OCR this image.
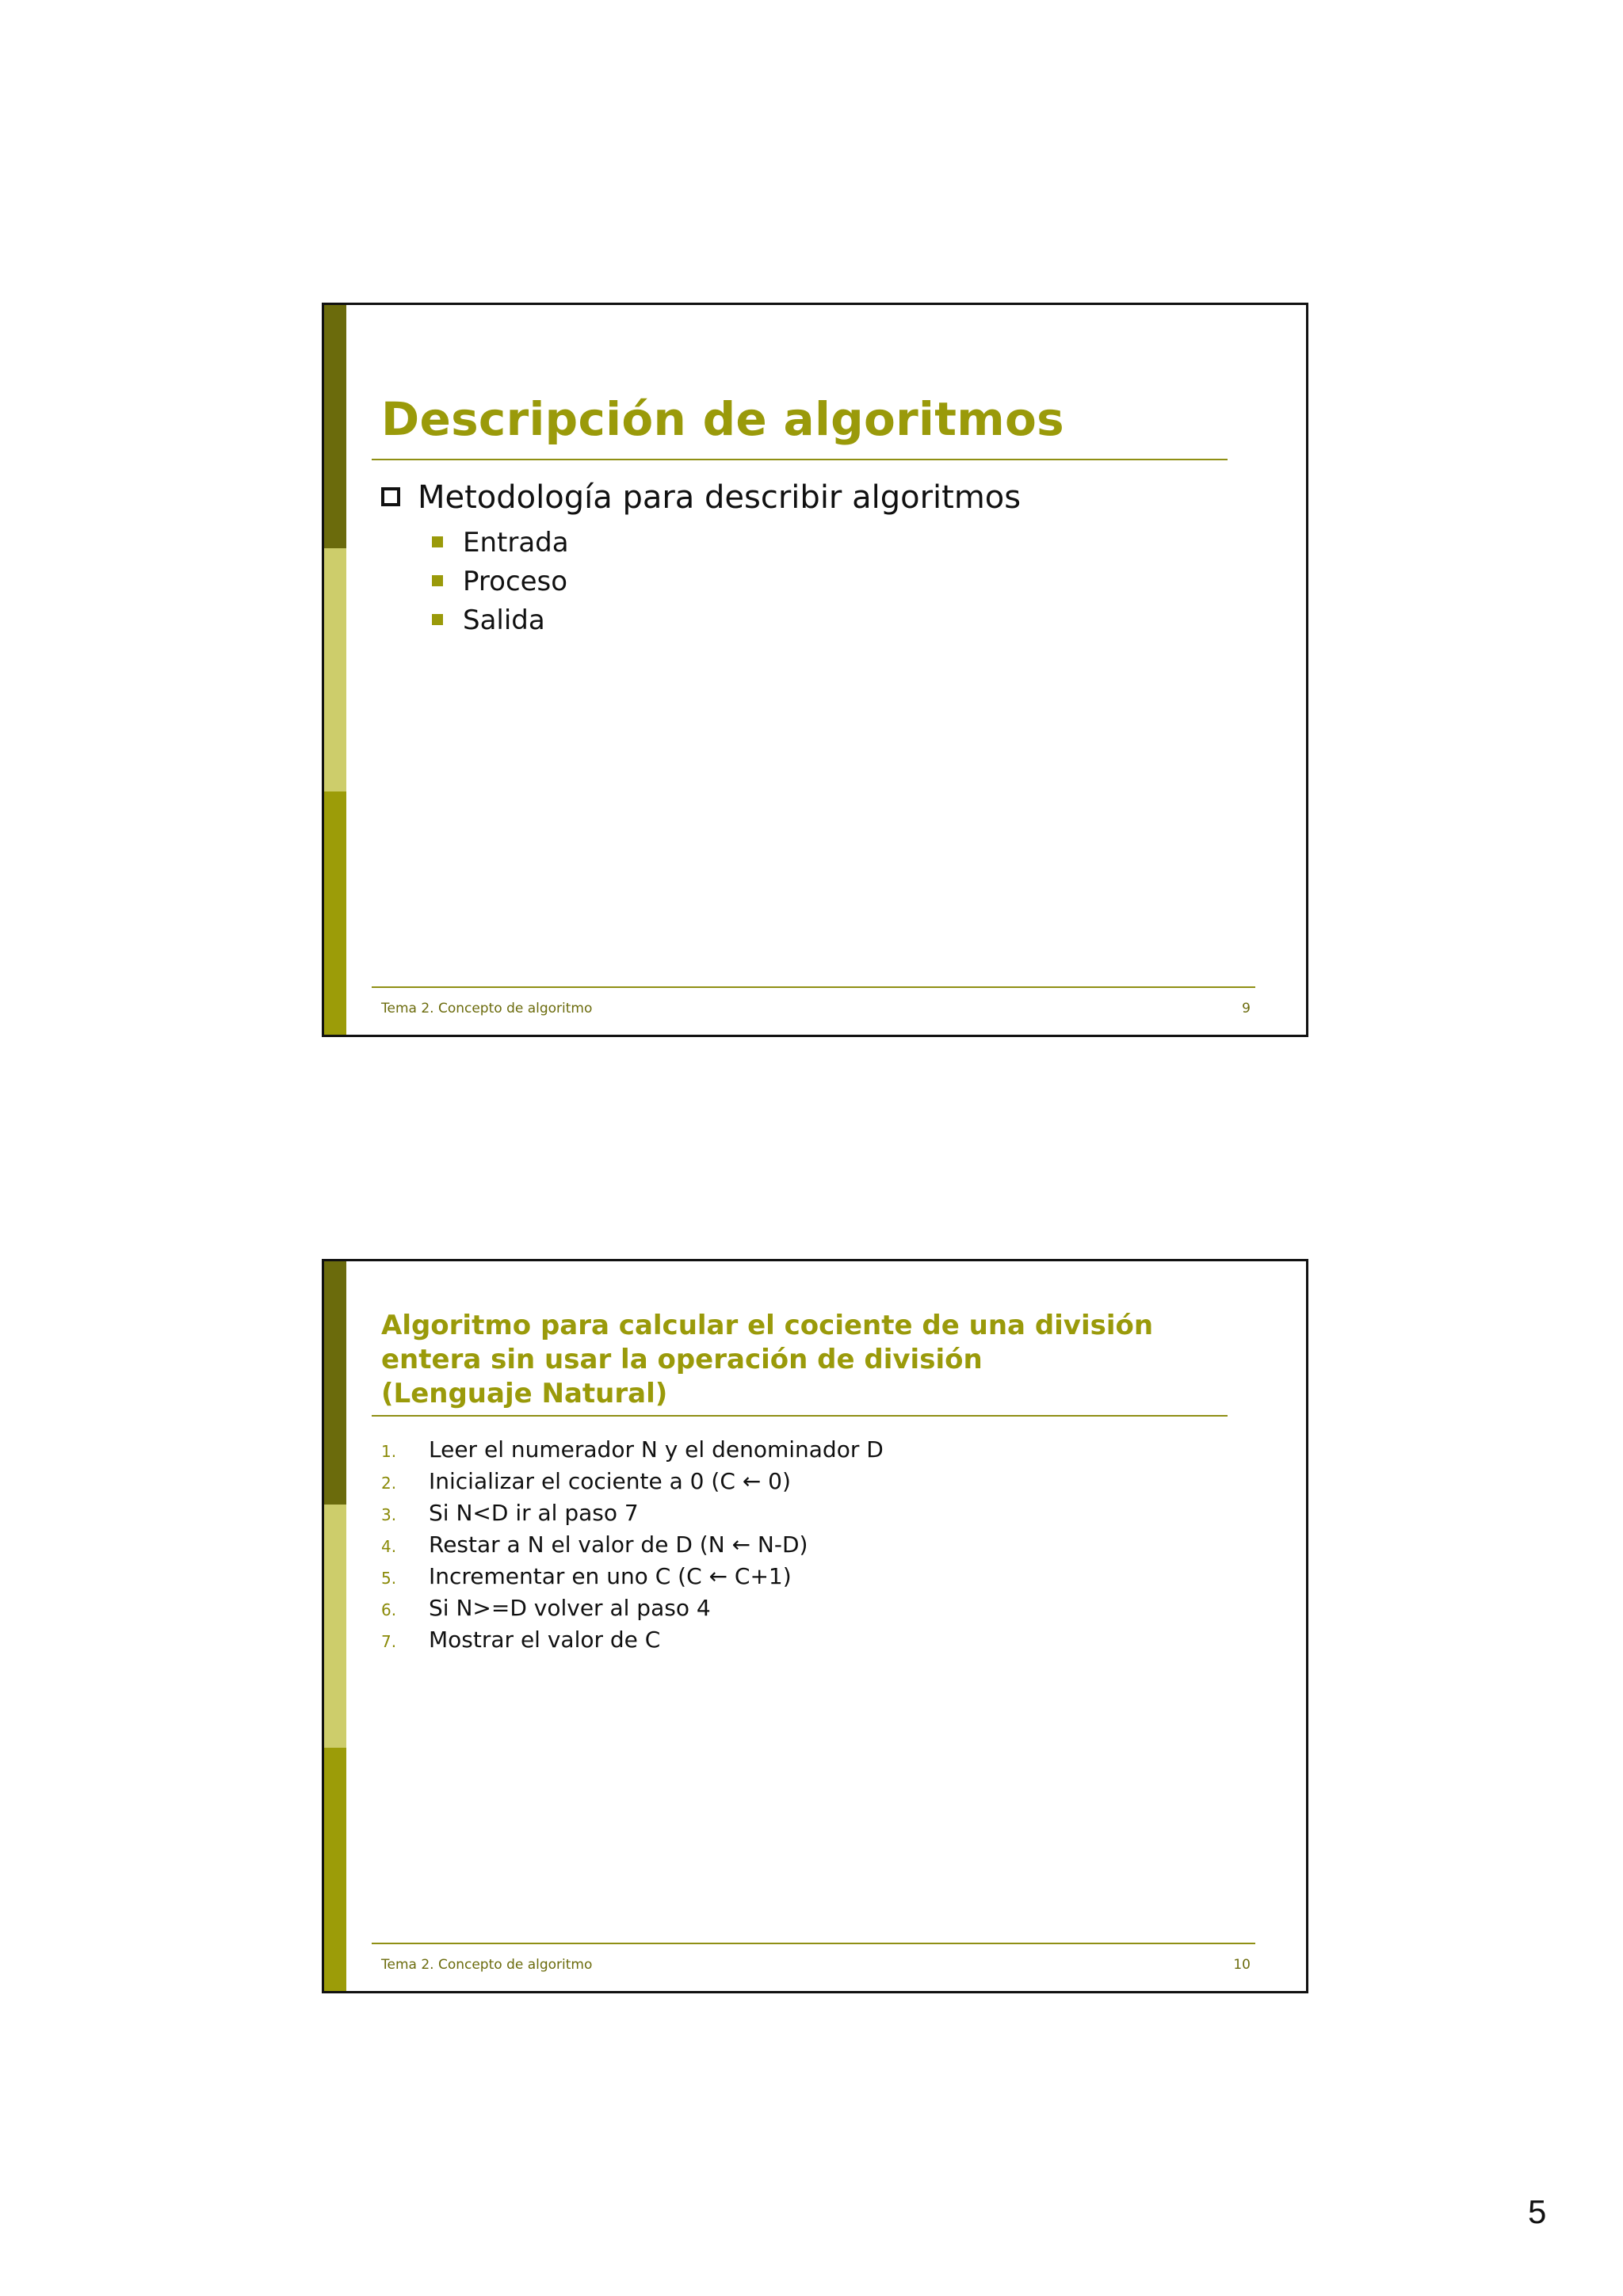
Descripción de algoritmos
Metodología para describir algoritmos
Entrada
Proceso
Salida
Tema 2. Concepto de algoritmo	9
Algoritmo para calcular el cociente de una división
entera sin usar la operación de división
(Lenguaje Natural)
1. Leer el numerador N y el denominador D
2. Inicializar el cociente a 0 (C ← 0)
3. Si N<D ir al paso 7
4. Restar a N el valor de D (N ← N-D)
5. Incrementar en uno C (C ← C+1)
6. Si N>=D volver al paso 4
7. Mostrar el valor de C
Tema 2. Concepto de algoritmo	10
5
